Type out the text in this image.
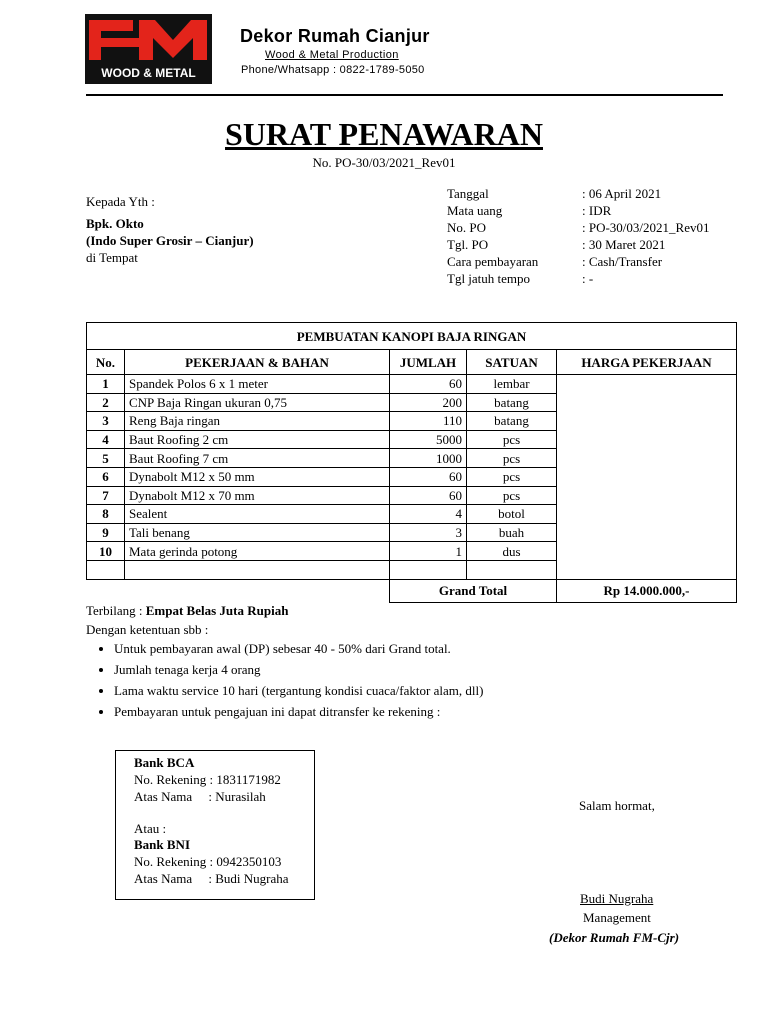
WOOD & METAL
Dekor Rumah Cianjur
Wood & Metal Production
Phone/Whatsapp : 0822-1789-5050
SURAT PENAWARAN
No. PO-30/03/2021_Rev01
Kepada Yth :
Bpk. Okto
(Indo Super Grosir – Cianjur)
di Tempat
Tanggal	: 06 April 2021
Mata uang	: IDR
No. PO	: PO-30/03/2021_Rev01
Tgl. PO	: 30 Maret 2021
Cara pembayaran	: Cash/Transfer
Tgl jatuh tempo	: -
PEMBUATAN KANOPI BAJA RINGAN				
No.	PEKERJAAN & BAHAN	JUMLAH	SATUAN	HARGA PEKERJAAN
1	Spandek Polos 6 x 1 meter	60	lembar	
2	CNP Baja Ringan ukuran 0,75	200	batang	
3	Reng Baja ringan	110	batang	
4	Baut Roofing 2 cm	5000	pcs	
5	Baut Roofing 7 cm	1000	pcs	
6	Dynabolt M12 x 50 mm	60	pcs	
7	Dynabolt M12 x 70 mm	60	pcs	
8	Sealent	4	botol	
9	Tali benang	3	buah	
10	Mata gerinda potong	1	dus	

		Grand Total		Rp 14.000.000,-
Terbilang : Empat Belas Juta Rupiah
Dengan ketentuan sbb :
• Untuk pembayaran awal (DP) sebesar 40 - 50% dari Grand total.
• Jumlah tenaga kerja 4 orang
• Lama waktu service 10 hari (tergantung kondisi cuaca/faktor alam, dll)
• Pembayaran untuk pengajuan ini dapat ditransfer ke rekening :
Bank BCA
No. Rekening : 1831171982
Atas Nama     : Nurasilah
Atau :
Bank BNI
No. Rekening : 0942350103
Atas Nama     : Budi Nugraha
Salam hormat,
Budi Nugraha
Management
(Dekor Rumah FM-Cjr)
